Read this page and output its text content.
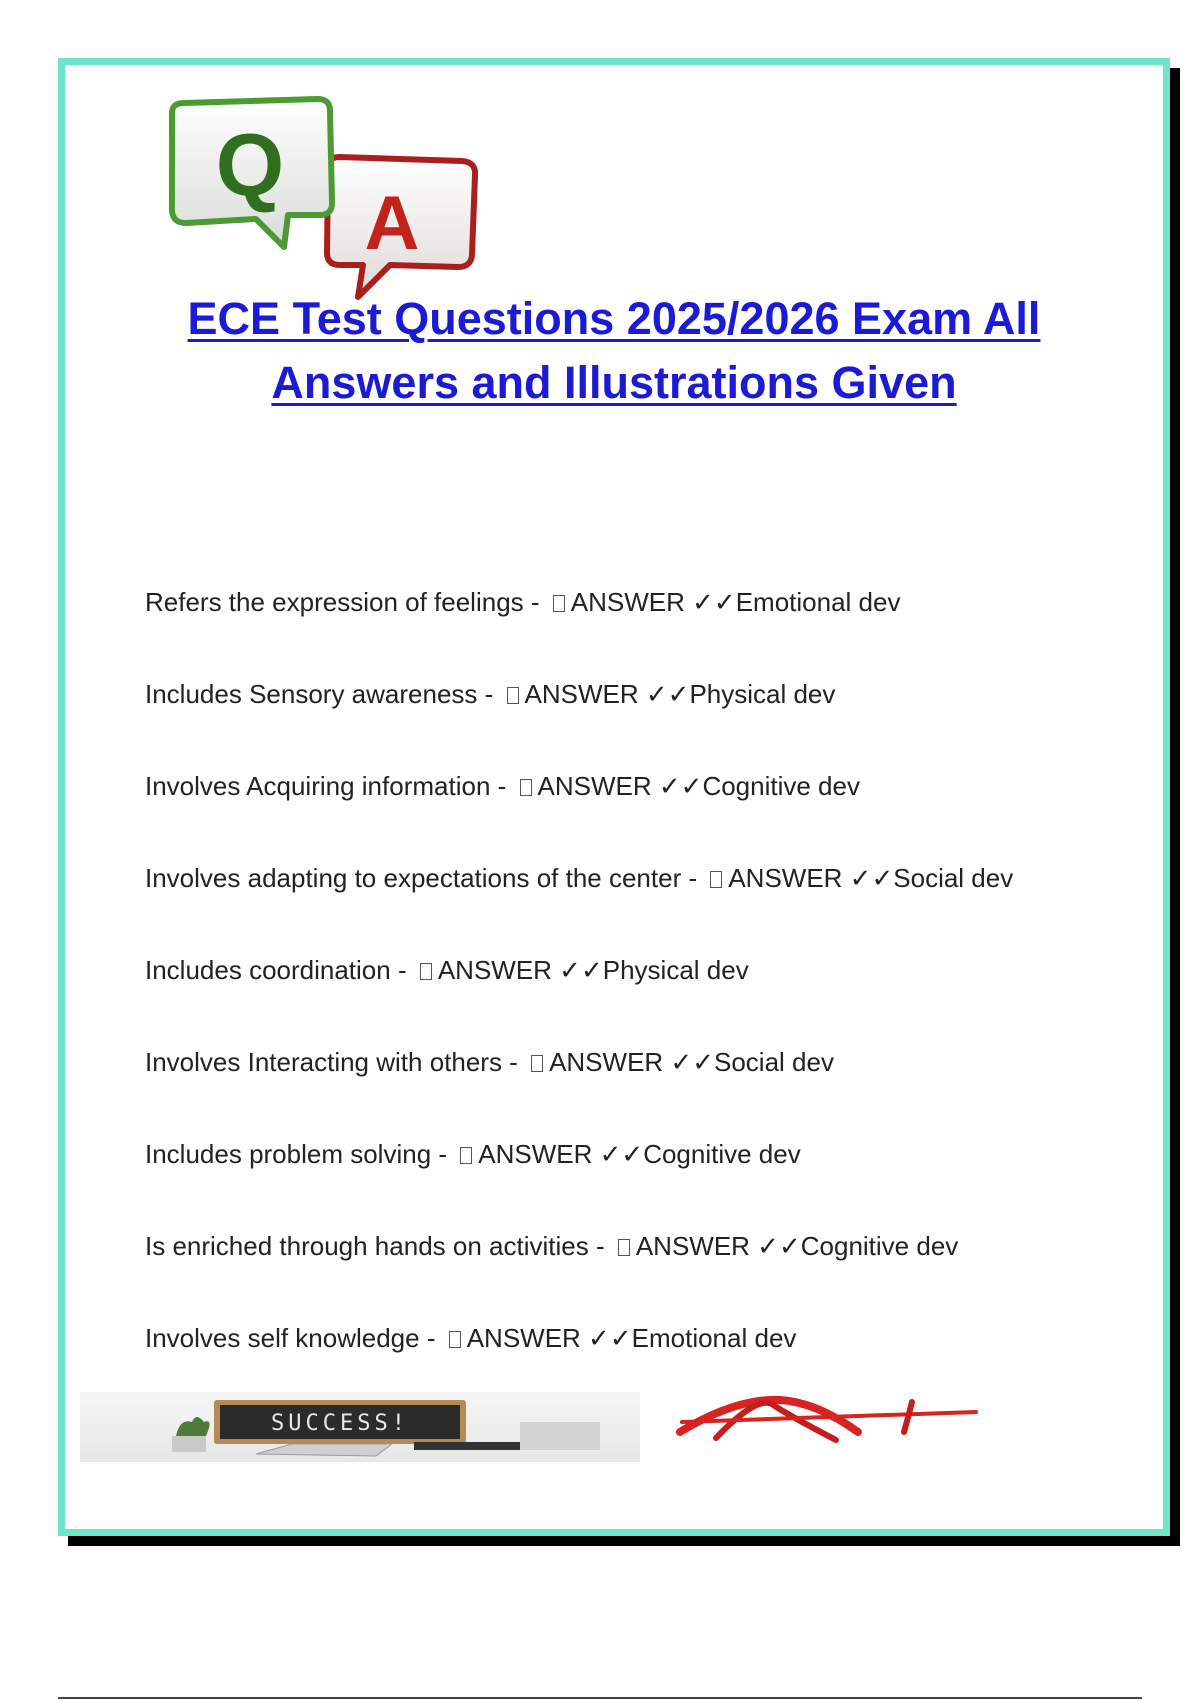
A
Q
ECE Test Questions 2025/2026 Exam All
Answers and Illustrations Given
Refers the expression of feelings - ANSWER ✓✓Emotional dev
Includes Sensory awareness - ANSWER ✓✓Physical dev
Involves Acquiring information - ANSWER ✓✓Cognitive dev
Involves adapting to expectations of the center - ANSWER ✓✓Social dev
Includes coordination - ANSWER ✓✓Physical dev
Involves Interacting with others - ANSWER ✓✓Social dev
Includes problem solving - ANSWER ✓✓Cognitive dev
Is enriched through hands on activities - ANSWER ✓✓Cognitive dev
Involves self knowledge - ANSWER ✓✓Emotional dev
SUCCESS!
A+
